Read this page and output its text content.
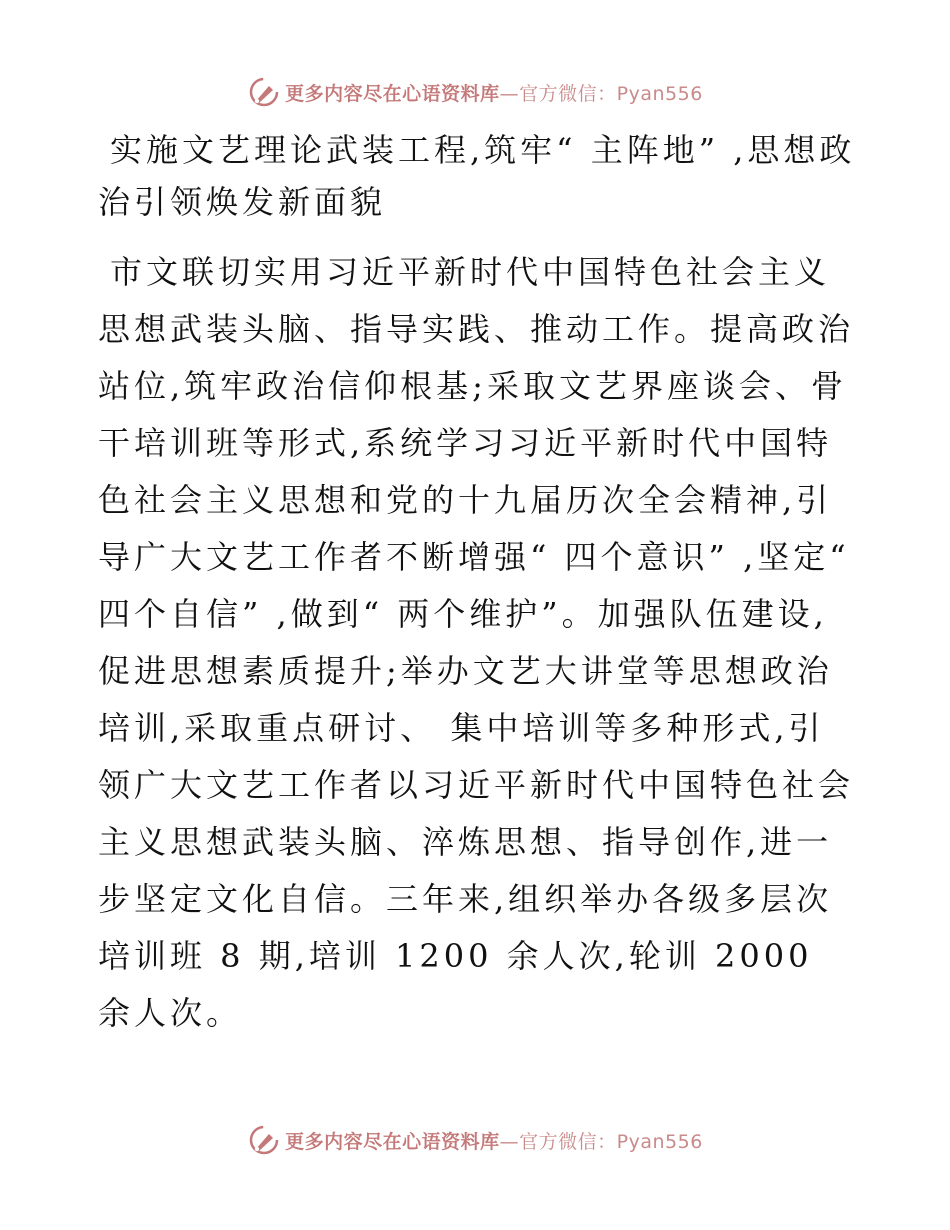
更多内容尽在心语资料库—官方微信：Pyan556
实施文艺理论武装工程,筑牢“ 主阵地” ,思想政治引领焕发新面貌

市文联切实用习近平新时代中国特色社会主义思想武装头脑、指导实践、推动工作。提高政治站位,筑牢政治信仰根基;采取文艺界座谈会、骨干培训班等形式,系统学习习近平新时代中国特色社会主义思想和党的十九届历次全会精神,引导广大文艺工作者不断增强“ 四个意识” ,坚定“ 四个自信” ,做到“ 两个维护”。加强队伍建设,促进思想素质提升;举办文艺大讲堂等思想政治培训,采取重点研讨、 集中培训等多种形式,引领广大文艺工作者以习近平新时代中国特色社会主义思想武装头脑、淬炼思想、指导创作,进一步坚定文化自信。三年来,组织举办各级多层次培训班 8 期,培训 1200 余人次,轮训 2000 余人次。

更多内容尽在心语资料库—官方微信：Pyan556
